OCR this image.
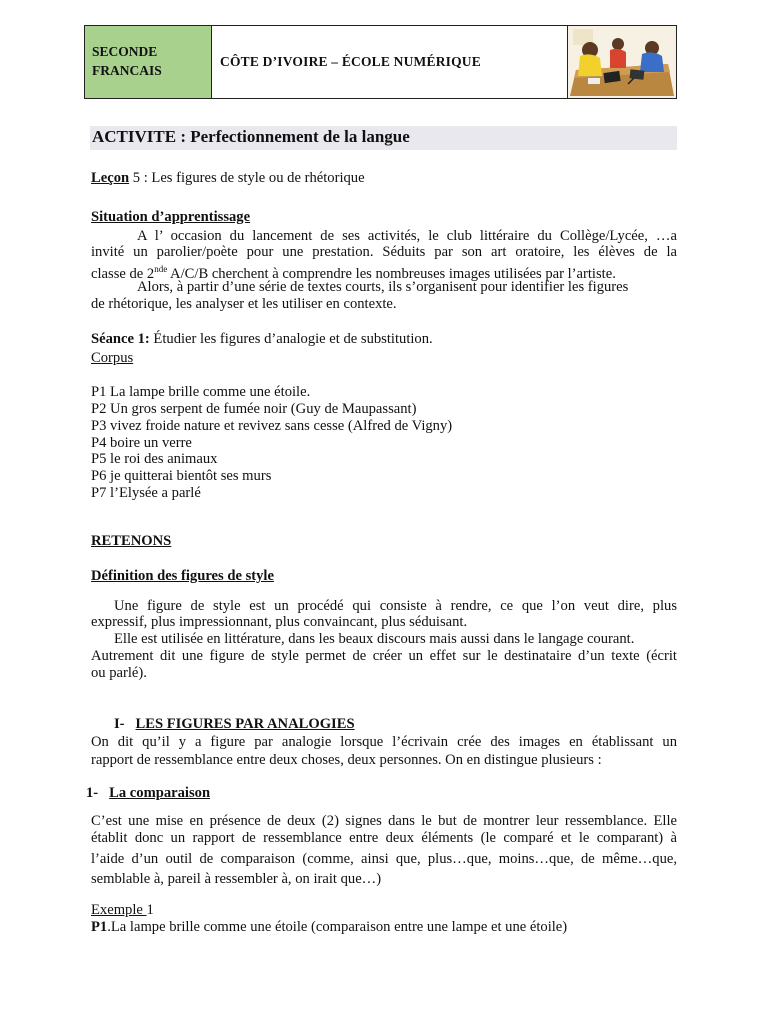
SECONDE
FRANCAIS
CÔTE D’IVOIRE – ÉCOLE NUMÉRIQUE
ACTIVITE : Perfectionnement de la langue
Leçon 5 : Les figures de style ou de rhétorique
Situation d’apprentissage
A l’ occasion du lancement de ses activités, le club littéraire du Collège/Lycée, …a
invité un parolier/poète pour une prestation. Séduits par son art oratoire, les élèves de la
classe de 2nde A/C/B cherchent à comprendre les nombreuses images utilisées par l’artiste.
Alors, à partir d’une série de textes courts, ils s’organisent pour identifier les figures
de rhétorique, les analyser et les utiliser en contexte.
Séance 1: Étudier les figures d’analogie et de substitution.
Corpus
P1 La lampe brille comme une étoile.
P2 Un gros serpent de fumée noir (Guy de Maupassant)
P3 vivez froide nature et revivez sans cesse (Alfred de Vigny)
P4 boire un verre
P5 le roi des animaux
P6 je quitterai bientôt ses murs
P7 l’Elysée a parlé
RETENONS
Définition des figures de style
Une figure de style est un procédé qui consiste à rendre, ce que l’on veut dire, plus
expressif, plus impressionnant, plus convaincant, plus séduisant.
Elle est utilisée en littérature, dans les beaux discours mais aussi dans le langage courant.
Autrement dit une figure de style permet de créer un effet sur le destinataire d’un texte (écrit
ou parlé).
I- LES FIGURES PAR ANALOGIES
On dit qu’il y a figure par analogie lorsque l’écrivain crée des images en établissant un
rapport de ressemblance entre deux choses, deux personnes. On en distingue plusieurs :
1- La comparaison
C’est une mise en présence de deux (2) signes dans le but de montrer leur ressemblance. Elle
établit donc un rapport de ressemblance entre deux éléments (le comparé et le comparant) à
l’aide d’un outil de comparaison (comme, ainsi que, plus…que, moins…que, de même…que,
semblable à, pareil à ressembler à, on irait que…)
Exemple 1
P1.La lampe brille comme une étoile (comparaison entre une lampe et une étoile)
